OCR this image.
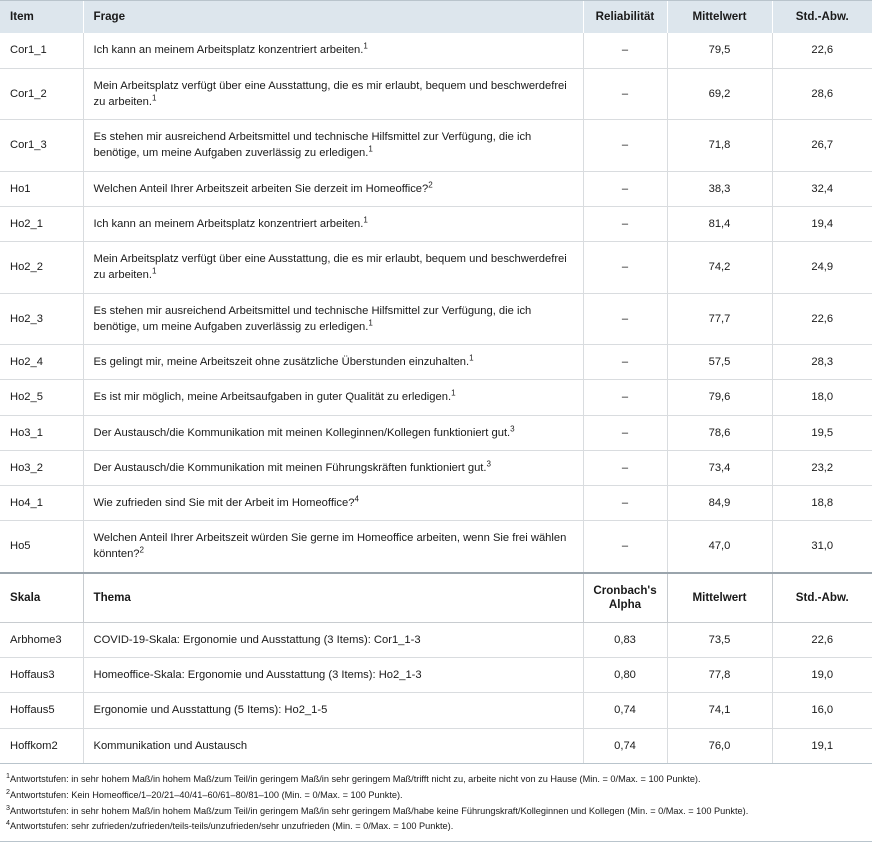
Item	Frage	Reliabilität	Mittelwert	Std.-Abw.
Cor1_1	Ich kann an meinem Arbeitsplatz konzentriert arbeiten.$^1$	–	79,5	22,6
Cor1_2	Mein Arbeitsplatz verfügt über eine Ausstattung, die es mir erlaubt, bequem und beschwerdefrei zu arbeiten.$^1$	–	69,2	28,6
Cor1_3	Es stehen mir ausreichend Arbeitsmittel und technische Hilfsmittel zur Verfügung, die ich benötige, um meine Aufgaben zuverlässig zu erledigen.$^1$	–	71,8	26,7
Ho1	Welchen Anteil Ihrer Arbeitszeit arbeiten Sie derzeit im Homeoffice?$^2$	–	38,3	32,4
Ho2_1	Ich kann an meinem Arbeitsplatz konzentriert arbeiten.$^1$	–	81,4	19,4
Ho2_2	Mein Arbeitsplatz verfügt über eine Ausstattung, die es mir erlaubt, bequem und beschwerdefrei zu arbeiten.$^1$	–	74,2	24,9
Ho2_3	Es stehen mir ausreichend Arbeitsmittel und technische Hilfsmittel zur Verfügung, die ich benötige, um meine Aufgaben zuverlässig zu erledigen.$^1$	–	77,7	22,6
Ho2_4	Es gelingt mir, meine Arbeitszeit ohne zusätzliche Überstunden einzuhalten.$^1$	–	57,5	28,3
Ho2_5	Es ist mir möglich, meine Arbeitsaufgaben in guter Qualität zu erledigen.$^1$	–	79,6	18,0
Ho3_1	Der Austausch/die Kommunikation mit meinen Kolleginnen/Kollegen funktioniert gut.$^3$	–	78,6	19,5
Ho3_2	Der Austausch/die Kommunikation mit meinen Führungskräften funktioniert gut.$^3$	–	73,4	23,2
Ho4_1	Wie zufrieden sind Sie mit der Arbeit im Homeoffice?$^4$	–	84,9	18,8
Ho5	Welchen Anteil Ihrer Arbeitszeit würden Sie gerne im Homeoffice arbeiten, wenn Sie frei wählen könnten?$^2$	–	47,0	31,0
Skala	Thema	Cronbach's Alpha	Mittelwert	Std.-Abw.
Arbhome3	COVID-19-Skala: Ergonomie und Ausstattung (3 Items): Cor1_1-3	0,83	73,5	22,6
Hoffaus3	Homeoffice-Skala: Ergonomie und Ausstattung (3 Items): Ho2_1-3	0,80	77,8	19,0
Hoffaus5	Ergonomie und Ausstattung (5 Items): Ho2_1-5	0,74	74,1	16,0
Hoffkom2	Kommunikation und Austausch	0,74	76,0	19,1
$^1$Antwortstufen: in sehr hohem Maß/in hohem Maß/zum Teil/in geringem Maß/in sehr geringem Maß/trifft nicht zu, arbeite nicht von zu Hause (Min. = 0/Max. = 100 Punkte).
$^2$Antwortstufen: Kein Homeoffice/1–20/21–40/41–60/61–80/81–100 (Min. = 0/Max. = 100 Punkte).
$^3$Antwortstufen: in sehr hohem Maß/in hohem Maß/zum Teil/in geringem Maß/in sehr geringem Maß/habe keine Führungskraft/Kolleginnen und Kollegen (Min. = 0/Max. = 100 Punkte).
$^4$Antwortstufen: sehr zufrieden/zufrieden/teils-teils/unzufrieden/sehr unzufrieden (Min. = 0/Max. = 100 Punkte).
